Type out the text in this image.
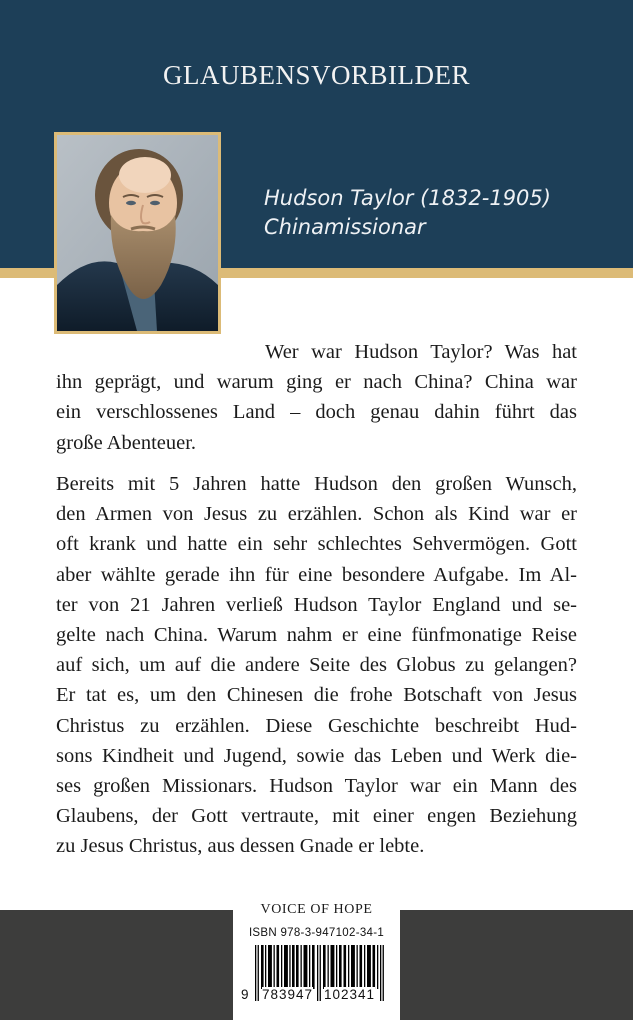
GLAUBENSVORBILDER
Hudson Taylor (1832-1905)
Chinamissionar
Wer war Hudson Taylor? Was hat
ihn geprägt, und warum ging er nach China? China war
ein verschlossenes Land – doch genau dahin führt das
große Abenteuer.
Bereits mit 5 Jahren hatte Hudson den großen Wunsch,
den Armen von Jesus zu erzählen. Schon als Kind war er
oft krank und hatte ein sehr schlechtes Sehvermögen. Gott
aber wählte gerade ihn für eine besondere Aufgabe. Im Al-
ter von 21 Jahren verließ Hudson Taylor England und se-
gelte nach China. Warum nahm er eine fünfmonatige Reise
auf sich, um auf die andere Seite des Globus zu gelangen?
Er tat es, um den Chinesen die frohe Botschaft von Jesus
Christus zu erzählen. Diese Geschichte beschreibt Hud-
sons Kindheit und Jugend, sowie das Leben und Werk die-
ses großen Missionars. Hudson Taylor war ein Mann des
Glaubens, der Gott vertraute, mit einer engen Beziehung
zu Jesus Christus, aus dessen Gnade er lebte.
VOICE OF HOPE
ISBN 978-3-947102-34-1
9 783947 102341
